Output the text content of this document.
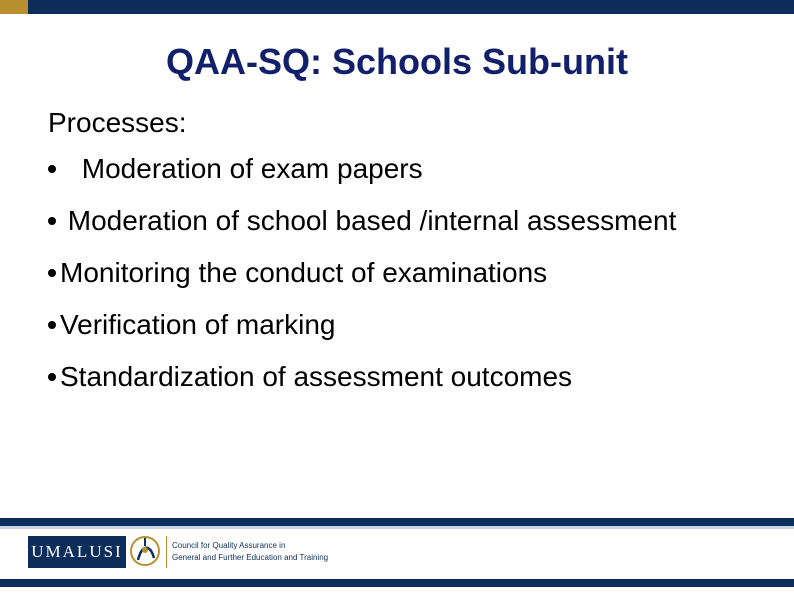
QAA-SQ: Schools Sub-unit

Processes:

Moderation of exam papers

Moderation of school based /internal assessment

Monitoring the conduct of examinations

Verification of marking

Standardization of assessment outcomes

UMALUSI	Council for Quality Assurance in
General and Further Education and Training
